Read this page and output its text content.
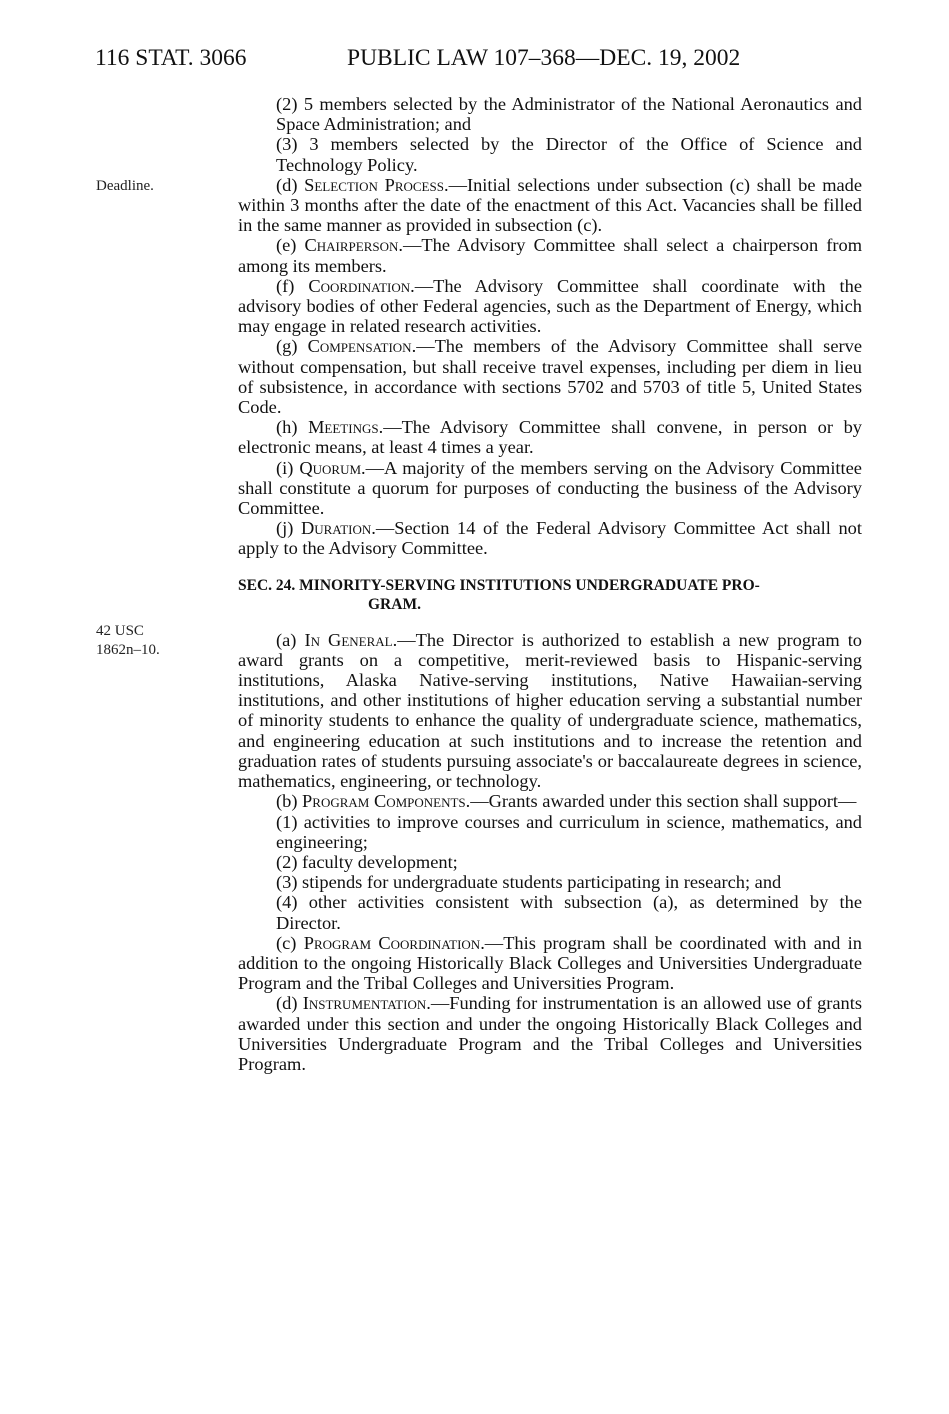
116 STAT. 3066	PUBLIC LAW 107–368—DEC. 19, 2002
Deadline.
42 USC
1862n–10.

(2) 5 members selected by the Administrator of the National Aeronautics and Space Administration; and

(3) 3 members selected by the Director of the Office of Science and Technology Policy.

(d) Selection Process.—Initial selections under subsection (c) shall be made within 3 months after the date of the enactment of this Act. Vacancies shall be filled in the same manner as provided in subsection (c).

(e) Chairperson.—The Advisory Committee shall select a chairperson from among its members.

(f) Coordination.—The Advisory Committee shall coordinate with the advisory bodies of other Federal agencies, such as the Department of Energy, which may engage in related research activities.

(g) Compensation.—The members of the Advisory Committee shall serve without compensation, but shall receive travel expenses, including per diem in lieu of subsistence, in accordance with sections 5702 and 5703 of title 5, United States Code.

(h) Meetings.—The Advisory Committee shall convene, in person or by electronic means, at least 4 times a year.

(i) Quorum.—A majority of the members serving on the Advisory Committee shall constitute a quorum for purposes of conducting the business of the Advisory Committee.

(j) Duration.—Section 14 of the Federal Advisory Committee Act shall not apply to the Advisory Committee.

SEC. 24. MINORITY-SERVING INSTITUTIONS UNDERGRADUATE PRO-
GRAM.

(a) In General.—The Director is authorized to establish a new program to award grants on a competitive, merit-reviewed basis to Hispanic-serving institutions, Alaska Native-serving institutions, Native Hawaiian-serving institutions, and other institutions of higher education serving a substantial number of minority students to enhance the quality of undergraduate science, mathematics, and engineering education at such institutions and to increase the retention and graduation rates of students pursuing associate's or baccalaureate degrees in science, mathematics, engineering, or technology.

(b) Program Components.—Grants awarded under this section shall support—

(1) activities to improve courses and curriculum in science, mathematics, and engineering;

(2) faculty development;

(3) stipends for undergraduate students participating in research; and

(4) other activities consistent with subsection (a), as determined by the Director.

(c) Program Coordination.—This program shall be coordinated with and in addition to the ongoing Historically Black Colleges and Universities Undergraduate Program and the Tribal Colleges and Universities Program.

(d) Instrumentation.—Funding for instrumentation is an allowed use of grants awarded under this section and under the ongoing Historically Black Colleges and Universities Undergraduate Program and the Tribal Colleges and Universities Program.
